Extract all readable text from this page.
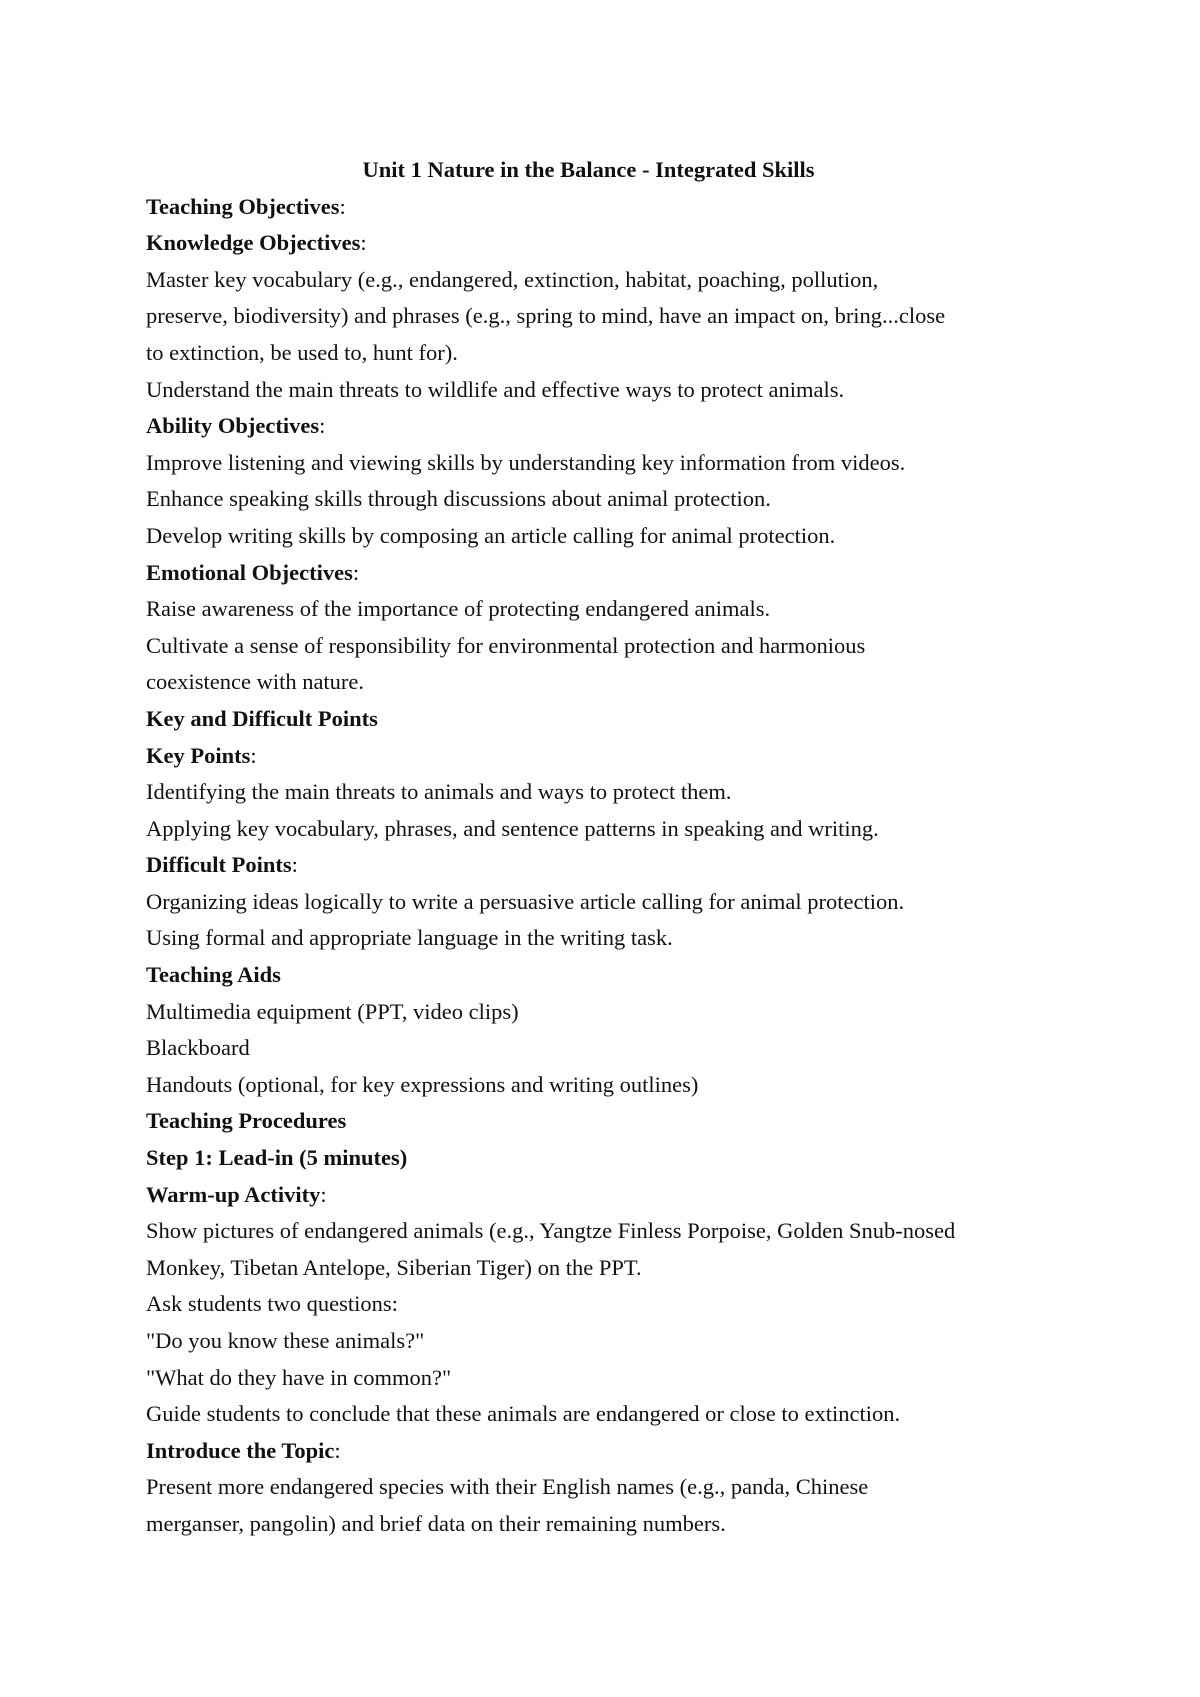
Unit 1 Nature in the Balance - Integrated Skills
Teaching Objectives:
Knowledge Objectives:
Master key vocabulary (e.g., endangered, extinction, habitat, poaching, pollution,
preserve, biodiversity) and phrases (e.g., spring to mind, have an impact on, bring...close
to extinction, be used to, hunt for).
Understand the main threats to wildlife and effective ways to protect animals.
Ability Objectives:
Improve listening and viewing skills by understanding key information from videos.
Enhance speaking skills through discussions about animal protection.
Develop writing skills by composing an article calling for animal protection.
Emotional Objectives:
Raise awareness of the importance of protecting endangered animals.
Cultivate a sense of responsibility for environmental protection and harmonious
coexistence with nature.
Key and Difficult Points
Key Points:
Identifying the main threats to animals and ways to protect them.
Applying key vocabulary, phrases, and sentence patterns in speaking and writing.
Difficult Points:
Organizing ideas logically to write a persuasive article calling for animal protection.
Using formal and appropriate language in the writing task.
Teaching Aids
Multimedia equipment (PPT, video clips)
Blackboard
Handouts (optional, for key expressions and writing outlines)
Teaching Procedures
Step 1: Lead-in (5 minutes)
Warm-up Activity:
Show pictures of endangered animals (e.g., Yangtze Finless Porpoise, Golden Snub-nosed
Monkey, Tibetan Antelope, Siberian Tiger) on the PPT.
Ask students two questions:
"Do you know these animals?"
"What do they have in common?"
Guide students to conclude that these animals are endangered or close to extinction.
Introduce the Topic:
Present more endangered species with their English names (e.g., panda, Chinese
merganser, pangolin) and brief data on their remaining numbers.
